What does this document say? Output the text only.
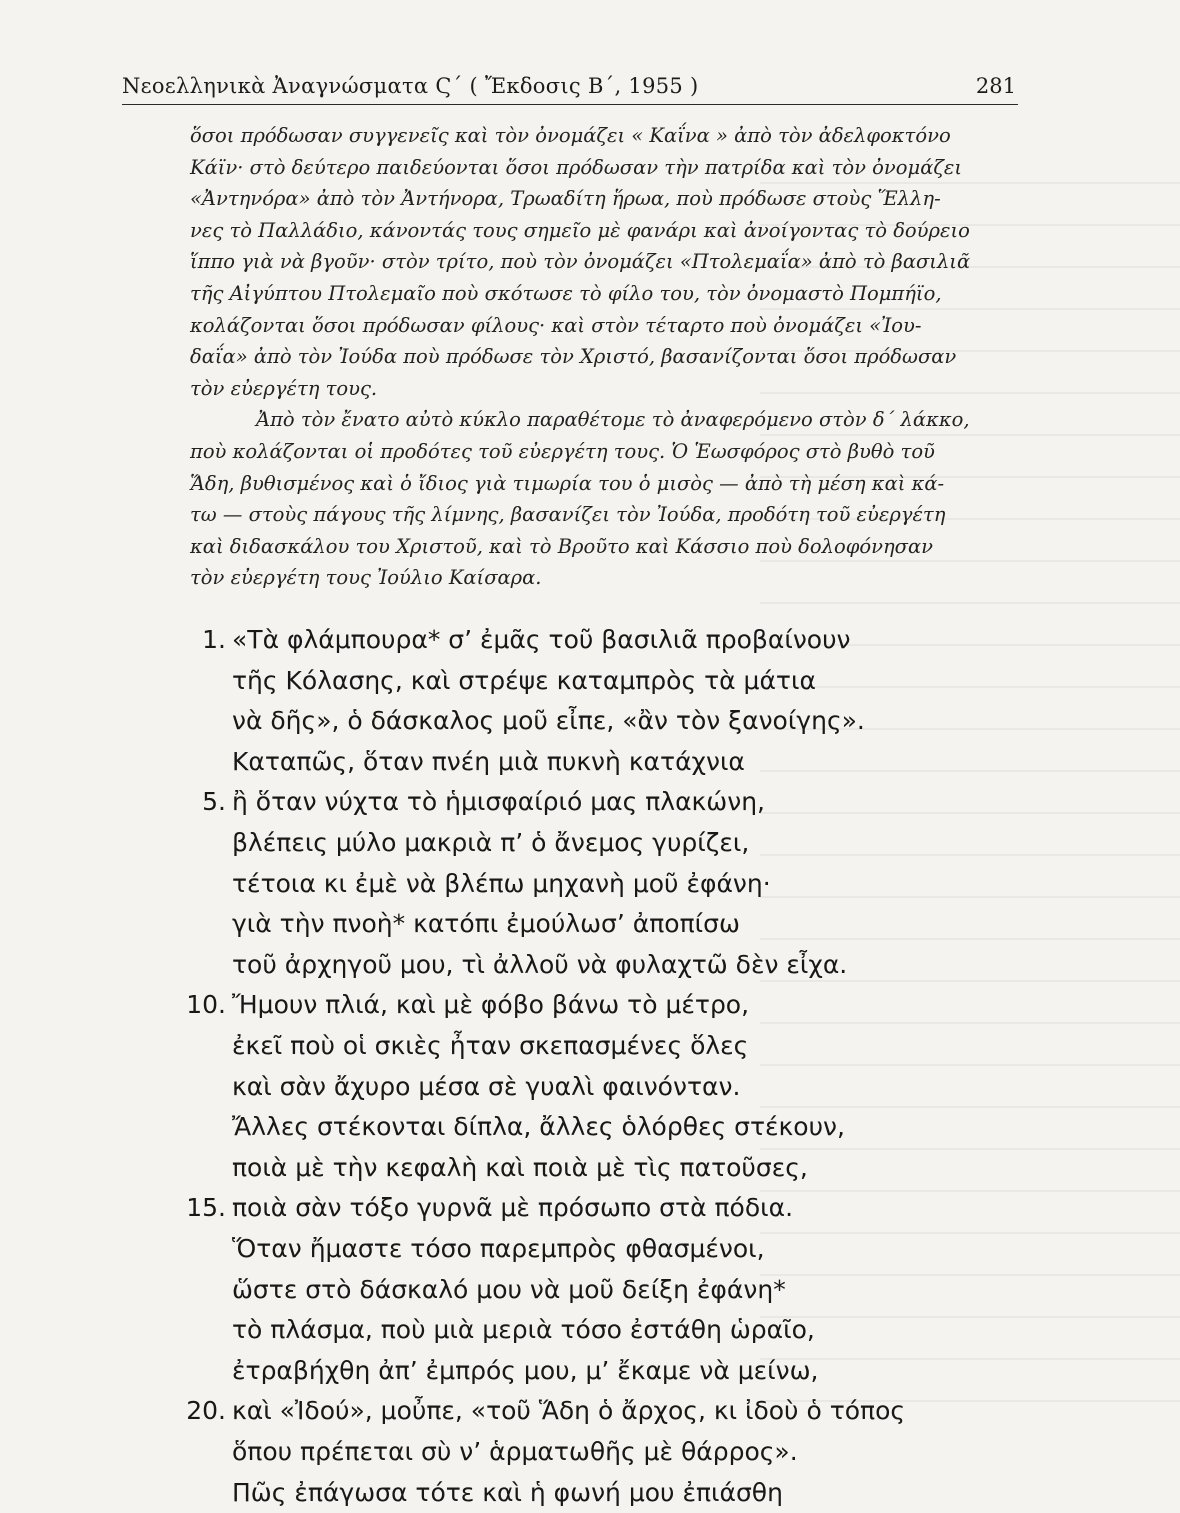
Νεοελληνικὰ Ἀναγνώσματα Ϛ΄ ( Ἔκδοσις Β΄, 1955 )	281
ὅσοι πρόδωσαν συγγενεῖς καὶ τὸν ὀνομάζει « Καΐνα » ἀπὸ τὸν ἀδελφοκτόνο
Κάϊν· στὸ δεύτερο παιδεύονται ὅσοι πρόδωσαν τὴν πατρίδα καὶ τὸν ὀνομάζει
«Ἀντηνόρα» ἀπὸ τὸν Ἀντήνορα, Τρωαδίτη ἥρωα, ποὺ πρόδωσε στοὺς Ἕλλη-
νες τὸ Παλλάδιο, κάνοντάς τους σημεῖο μὲ φανάρι καὶ ἀνοίγοντας τὸ δούρειο
ἵππο γιὰ νὰ βγοῦν· στὸν τρίτο, ποὺ τὸν ὀνομάζει «Πτολεμαΐα» ἀπὸ τὸ βασιλιᾶ
τῆς Αἰγύπτου Πτολεμαῖο ποὺ σκότωσε τὸ φίλο του, τὸν ὀνομαστὸ Πομπήϊο,
κολάζονται ὅσοι πρόδωσαν φίλους· καὶ στὸν τέταρτο ποὺ ὀνομάζει «Ἰου-
δαΐα» ἀπὸ τὸν Ἰούδα ποὺ πρόδωσε τὸν Χριστό, βασανίζονται ὅσοι πρόδωσαν
τὸν εὐεργέτη τους.
Ἀπὸ τὸν ἔνατο αὐτὸ κύκλο παραθέτομε τὸ ἀναφερόμενο στὸν δ΄ λάκκο,
ποὺ κολάζονται οἱ προδότες τοῦ εὐεργέτη τους. Ὁ Ἑωσφόρος στὸ βυθὸ τοῦ
Ἅδη, βυθισμένος καὶ ὁ ἴδιος γιὰ τιμωρία του ὁ μισὸς — ἀπὸ τὴ μέση καὶ κά-
τω — στοὺς πάγους τῆς λίμνης, βασανίζει τὸν Ἰούδα, προδότη τοῦ εὐεργέτη
καὶ διδασκάλου του Χριστοῦ, καὶ τὸ Βροῦτο καὶ Κάσσιο ποὺ δολοφόνησαν
τὸν εὐεργέτη τους Ἰούλιο Καίσαρα.
1. «Τὰ φλάμπουρα* σ’ ἐμᾶς τοῦ βασιλιᾶ προβαίνουν
τῆς Κόλασης, καὶ στρέψε καταμπρὸς τὰ μάτια
νὰ δῆς», ὁ δάσκαλος μοῦ εἶπε, «ἂν τὸν ξανοίγης».
Καταπῶς, ὅταν πνέη μιὰ πυκνὴ κατάχνια
5. ἢ ὅταν νύχτα τὸ ἡμισφαίριό μας πλακώνη,
βλέπεις μύλο μακριὰ π’ ὁ ἄνεμος γυρίζει,
τέτοια κι ἐμὲ νὰ βλέπω μηχανὴ μοῦ ἐφάνη·
γιὰ τὴν πνοὴ* κατόπι ἐμούλωσ’ ἀποπίσω
τοῦ ἀρχηγοῦ μου, τὶ ἀλλοῦ νὰ φυλαχτῶ δὲν εἶχα.
10. Ἤμουν πλιά, καὶ μὲ φόβο βάνω τὸ μέτρο,
ἐκεῖ ποὺ οἱ σκιὲς ἦταν σκεπασμένες ὅλες
καὶ σὰν ἄχυρο μέσα σὲ γυαλὶ φαινόνταν.
Ἄλλες στέκονται δίπλα, ἄλλες ὁλόρθες στέκουν,
ποιὰ μὲ τὴν κεφαλὴ καὶ ποιὰ μὲ τὶς πατοῦσες,
15. ποιὰ σὰν τόξο γυρνᾶ μὲ πρόσωπο στὰ πόδια.
Ὅταν ἤμαστε τόσο παρεμπρὸς φθασμένοι,
ὥστε στὸ δάσκαλό μου νὰ μοῦ δείξη ἐφάνη*
τὸ πλάσμα, ποὺ μιὰ μεριὰ τόσο ἐστάθη ὡραῖο,
ἐτραβήχθη ἀπ’ ἐμπρός μου, μ’ ἔκαμε νὰ μείνω,
20. καὶ «Ἰδού», μοὖπε, «τοῦ Ἅδη ὁ ἄρχος, κι ἰδοὺ ὁ τόπος
ὅπου πρέπεται σὺ ν’ ἁρματωθῆς μὲ θάρρος».
Πῶς ἐπάγωσα τότε καὶ ἡ φωνή μου ἐπιάσθη
